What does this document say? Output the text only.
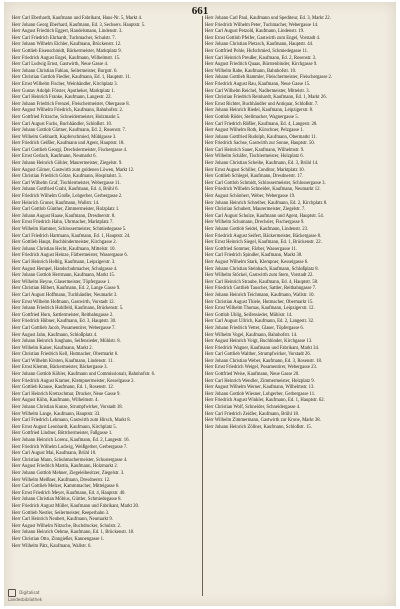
661

Herr Carl Eberhardt, Kaufmann und Fabrikant, Haus-Nr. 5, Markt 4.

Herr Johann Georg Eberhard, Kaufmann, Ed. 3, Sechsers. Hauptstr. 5.

Herr August Friedrich Eggert, Handelsmann, Lindenstr. 3.

Herr Carl Friedrich Ehrhardt, Tuchmacher, Schulstr. 7.

Herr Johann Wilhelm Eichler, Kaufmann, Brückenstr. 12.

Herr Gottlieb Eisenschmidt, Bäckermeister, Marktplatz 9.

Herr Friedrich August Engel, Kaufmann, Wilhelmstr. 15.

Herr Carl Ludwig Ernst, Gastwirth, Neue Gasse 4.

Herr Johann Christian Fabian, Seilermeister, Burgstr. 6.

Herr Christian Gottlob Fiedler, Kaufmann, Ed. 1, Hauptstr. 11.

Herr Ernst Wilhelm Fischer, Weinhändler, Kirchplatz 3.

Herr Gustav Adolph Förster, Apotheker, Marktplatz 1.

Herr Carl Heinrich Franke, Kaufmann, Langestr. 22.

Herr Johann Friedrich Frenzel, Fleischermeister, Obergasse 8.

Herr August Wilhelm Friedrich, Kaufmann, Bahnhofstr. 2.

Herr Gottfried Fritzsche, Schneidermeister, Holzmarkt 5.

Herr Carl August Fuchs, Buchhändler, Schloßstr. 10.

Herr Johann Gottlob Gärtner, Kaufmann, Ed. 2, Rosenstr. 7.

Herr Wilhelm Gebhardt, Kupferschmied, Mühlgasse 3.

Herr Friedrich Geißler, Kaufmann und Agent, Hauptstr. 18.

Herr Carl Gottlieb Georgi, Drechslermeister, Fischergasse 4.

Herr Ernst Gerlach, Kaufmann, Neumarkt 6.

Herr Johann Heinrich Göhler, Maurermeister, Ziegelstr. 9.

Herr August Görner, Gastwirth zum goldenen Löwen, Markt 12.

Herr Christian Friedrich Götze, Kaufmann, Hospitalstr. 3.

Herr Carl Wilhelm Graf, Tischlermeister, Webergasse 11.

Herr Johann Gottfried Grahl, Kaufmann, Ed. 4, Brühl 6.

Herr Friedrich Wilhelm Große, Lohgerber, Gerbergasse 2.

Herr Heinrich Gruner, Kaufmann, Wallstr. 14.

Herr Carl Gottlob Günther, Zimmermeister, Holzplatz 1.

Herr Johann August Haase, Kaufmann, Dresdnerstr. 8.

Herr Ernst Friedrich Hahn, Uhrmacher, Marktplatz 7.

Herr Wilhelm Hammer, Schlossermeister, Schmiedegasse 5.

Herr Carl Friedrich Hartmann, Kaufmann, Ed. 1, Hauptstr. 24.

Herr Gottlieb Haupt, Buchbindermeister, Kirchgasse 2.

Herr Johann Christian Hecht, Kaufmann, Mittelstr. 10.

Herr Friedrich August Heinze, Färbermeister, Wassergasse 6.

Herr Carl Heinrich Helbig, Kaufmann, Leipzigerstr. 3.

Herr August Hempel, Handschuhmacher, Schulgasse 4.

Herr Johann Gottlob Herrmann, Kaufmann, Markt 15.

Herr Wilhelm Heyne, Glasermeister, Töpfergasse 1.

Herr Christian Hilbert, Kaufmann, Ed. 2, Lange Gasse 9.

Herr Carl August Hoffmann, Tuchhändler, Neumarkt 3.

Herr Ernst Wilhelm Hofmann, Gastwirth, Vorstadt 12.

Herr Johann Friedrich Hohlfeld, Kaufmann, Brückenstr. 5.

Herr Gottfried Horn, Sattlermeister, Reitbahngasse 2.

Herr Friedrich Hübner, Kaufmann, Ed. 3, Hauptstr. 30.

Herr Carl Gottlieb Jacob, Posamentirer, Webergasse 7.

Herr August Jahn, Kaufmann, Schloßplatz 4.

Herr Johann Heinrich Junghans, Seifensieder, Mühlstr. 8.

Herr Wilhelm Kaiser, Kaufmann, Markt 2.

Herr Christian Friedrich Kell, Hutmacher, Obermarkt 6.

Herr Carl Wilhelm Kirsten, Kaufmann, Lindenstr. 11.

Herr Ernst Klemm, Bäckermeister, Bäckergasse 3.

Herr Johann Gottlob Köhler, Kaufmann und Commissionair, Bahnhofstr. 6.

Herr Friedrich August Kramer, Klempnermeister, Kesselgasse 2.

Herr Gottlieb Krause, Kaufmann, Ed. 1, Rosenstr. 12.

Herr Carl Heinrich Kretzschmar, Drucker, Neue Gasse 9.

Herr August Kühn, Kaufmann, Wilhelmstr. 4.

Herr Johann Christian Kunze, Strumpfwirker, Vorstadt 18.

Herr Wilhelm Lange, Kaufmann, Hauptstr. 33.

Herr Carl Friedrich Lehmann, Gastwirth zum Hirsch, Markt 8.

Herr Ernst August Leonhardt, Kaufmann, Kirchplatz 5.

Herr Gottfried Lindner, Böttchermeister, Faßgasse 1.

Herr Johann Heinrich Lorenz, Kaufmann, Ed. 2, Langestr. 16.

Herr Friedrich Wilhelm Ludwig, Weißgerber, Gerbergasse 7.

Herr Carl August Mai, Kaufmann, Brühl 10.

Herr Christian Mann, Schuhmachermeister, Schustergasse 4.

Herr August Friedrich Martin, Kaufmann, Holzmarkt 2.

Herr Johann Gottlob Mehner, Ziegeleibesitzer, Ziegelstr. 3.

Herr Wilhelm Meißner, Kaufmann, Dresdnerstr. 12.

Herr Carl Gottlieb Melzer, Kammmacher, Mittelgasse 6.

Herr Ernst Friedrich Meyer, Kaufmann, Ed. 4, Hauptstr. 40.

Herr Johann Christian Möbius, Gürtler, Schmiedegasse 8.

Herr Friedrich August Müller, Kaufmann und Fabrikant, Markt 20.

Herr Gottlieb Nestler, Seilermeister, Reeperbahn 3.

Herr Carl Heinrich Neubert, Kaufmann, Neumarkt 9.

Herr August Wilhelm Nitzsche, Buchdrucker, Schulstr. 2.

Herr Johann Heinrich Oehme, Kaufmann, Ed. 1, Brückenstr. 18.

Herr Christian Otto, Zinngießer, Kannengasse 1.

Herr Wilhelm Pätz, Kaufmann, Wallstr. 6.

Herr Johann Carl Paul, Kaufmann und Spediteur, Ed. 3, Markt 22.

Herr Friedrich Wilhelm Peter, Tuchmacher, Webergasse 14.

Herr Carl August Petzold, Kaufmann, Lindenstr. 19.

Herr Ernst Gottlob Pfeifer, Gastwirth zum Engel, Vorstadt 4.

Herr Johann Christian Pietzsch, Kaufmann, Hauptstr. 44.

Herr Gottfried Pohle, Hufschmied, Schmiedegasse 11.

Herr Carl Heinrich Preußer, Kaufmann, Ed. 2, Rosenstr. 3.

Herr August Friedrich Quaas, Bürstenbinder, Kirchgasse 9.

Herr Wilhelm Rabe, Kaufmann, Bahnhofstr. 10.

Herr Johann Gottlieb Rammler, Fleischermeister, Fleischergasse 2.

Herr Friedrich August Rau, Kaufmann, Neue Gasse 15.

Herr Carl Wilhelm Reichel, Nadlermeister, Mittelstr. 3.

Herr Christian Friedrich Reinhardt, Kaufmann, Ed. 1, Markt 26.

Herr Ernst Richter, Buchhändler und Antiquar, Schloßstr. 7.

Herr Johann Heinrich Riedel, Kaufmann, Leipzigerstr. 8.

Herr Gottlob Röder, Stellmacher, Wagnergasse 5.

Herr Carl Friedrich Rößler, Kaufmann, Ed. 4, Langestr. 28.

Herr August Wilhelm Roth, Kürschner, Pelzgasse 1.

Herr Johann Gottfried Rudolph, Kaufmann, Obermarkt 11.

Herr Friedrich Sachse, Gastwirth zur Sonne, Hauptstr. 50.

Herr Carl Heinrich Sauer, Kaufmann, Wilhelmstr. 9.

Herr Wilhelm Schäfer, Tischlermeister, Holzplatz 6.

Herr Johann Christian Scheibe, Kaufmann, Ed. 3, Brühl 14.

Herr Ernst August Schiller, Conditor, Marktplatz 10.

Herr Gottlieb Schlegel, Kaufmann, Dresdnerstr. 17.

Herr Carl Gottlob Schmidt, Schlossermeister, Schlossergasse 3.

Herr Friedrich Wilhelm Schneider, Kaufmann, Neumarkt 12.

Herr August Schönherr, Weber, Webergasse 19.

Herr Johann Heinrich Schreiber, Kaufmann, Ed. 2, Kirchplatz 8.

Herr Christian Schubert, Maurermeister, Ziegelstr. 7.

Herr Carl August Schulze, Kaufmann und Agent, Hauptstr. 54.

Herr Wilhelm Schumann, Drechsler, Fischergasse 9.

Herr Johann Gottlob Seidel, Kaufmann, Lindenstr. 23.

Herr Friedrich August Seifert, Bäckermeister, Bäckergasse 8.

Herr Ernst Heinrich Siegel, Kaufmann, Ed. 1, Brückenstr. 22.

Herr Gottfried Sommer, Färber, Wassergasse 11.

Herr Carl Friedrich Spindler, Kaufmann, Markt 30.

Herr August Wilhelm Stark, Klempner, Kesselgasse 6.

Herr Johann Christian Steinbach, Kaufmann, Schloßplatz 8.

Herr Wilhelm Stöckel, Gastwirth zum Stern, Vorstadt 22.

Herr Carl Heinrich Straube, Kaufmann, Ed. 4, Hauptstr. 58.

Herr Friedrich Gottlieb Tauscher, Sattler, Reitbahngasse 7.

Herr Johann Heinrich Teichmann, Kaufmann, Wallstr. 10.

Herr Christian August Thiele, Hutmacher, Obermarkt 15.

Herr Ernst Wilhelm Thomas, Kaufmann, Leipzigerstr. 12.

Herr Gottlob Uhlig, Seifensieder, Mühlstr. 14.

Herr Carl August Ullrich, Kaufmann, Ed. 2, Langestr. 32.

Herr Johann Friedrich Vetter, Glaser, Töpfergasse 6.

Herr Wilhelm Vogel, Kaufmann, Bahnhofstr. 14.

Herr August Heinrich Voigt, Buchbinder, Kirchgasse 13.

Herr Friedrich Wagner, Kaufmann und Fabrikant, Markt 34.

Herr Carl Gottlieb Walther, Strumpfwirker, Vorstadt 26.

Herr Johann Christian Weber, Kaufmann, Ed. 3, Rosenstr. 18.

Herr Ernst Friedrich Weigel, Posamentirer, Webergasse 23.

Herr Gottfried Weise, Kaufmann, Neue Gasse 20.

Herr Carl Heinrich Wendler, Zimmermeister, Holzplatz 9.

Herr August Wilhelm Werner, Kaufmann, Wilhelmstr. 13.

Herr Johann Gottlob Wiesner, Lohgerber, Gerbergasse 11.

Herr Friedrich August Winkler, Kaufmann, Ed. 1, Hauptstr. 62.

Herr Christian Wolf, Schneider, Schneidergasse 4.

Herr Carl Friedrich Zeidler, Kaufmann, Brühl 18.

Herr Wilhelm Zimmermann, Gastwirth zur Krone, Markt 38.

Herr Johann Heinrich Zöllner, Kaufmann, Schloßstr. 15.

Digitalisat
Landesbibliothek
